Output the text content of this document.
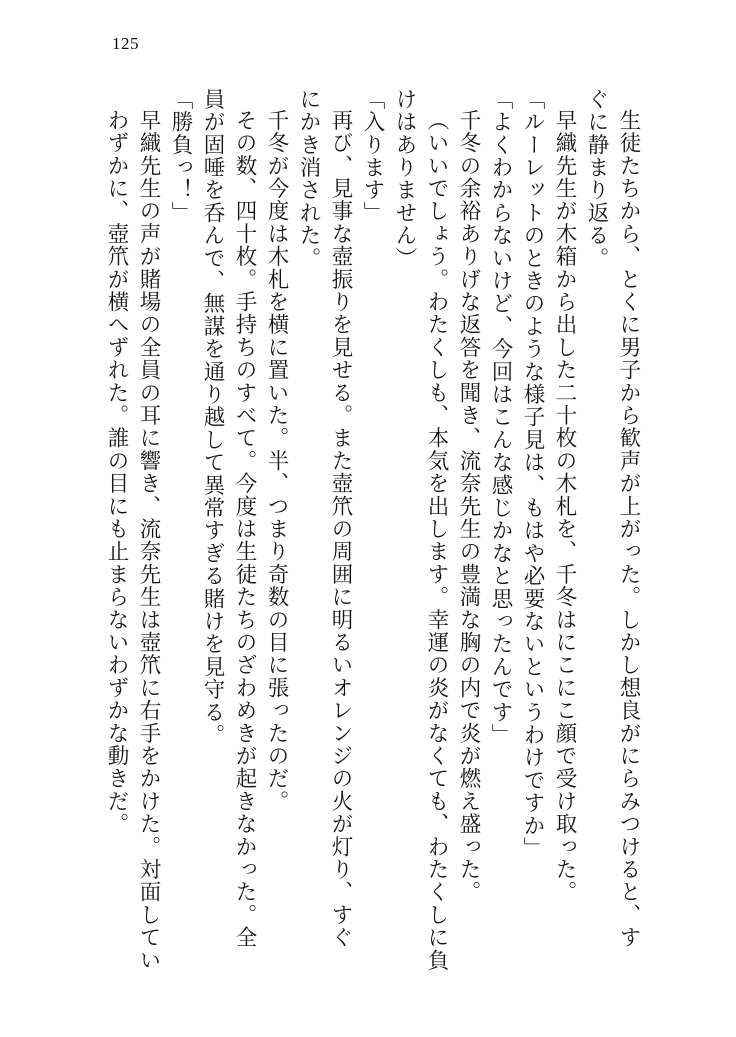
125
生徒たちから、とくに男子から歓声が上がった。しかし想良がにらみつけると、す
ぐに静まり返る。
早織先生が木箱から出した二十枚の木札を、千冬はにこにこ顔で受け取った。
「ルーレットのときのような様子見は、もはや必要ないというわけですか」
「よくわからないけど、今回はこんな感じかなと思ったんです」
千冬の余裕ありげな返答を聞き、流奈先生の豊満な胸の内で炎が燃え盛った。
（いいでしょう。わたくしも、本気を出します。幸運の炎がなくても、わたくしに負
けはありません）
「入ります」
再び、見事な壺振りを見せる。また壺笊の周囲に明るいオレンジの火が灯り、すぐ
にかき消された。
千冬が今度は木札を横に置いた。半、つまり奇数の目に張ったのだ。
その数、四十枚。手持ちのすべて。今度は生徒たちのざわめきが起きなかった。全
員が固唾を呑んで、無謀を通り越して異常すぎる賭けを見守る。
「勝負っ！」
早織先生の声が賭場の全員の耳に響き、流奈先生は壺笊に右手をかけた。対面してい
わずかに、壺笊が横へずれた。誰の目にも止まらないわずかな動きだ。
